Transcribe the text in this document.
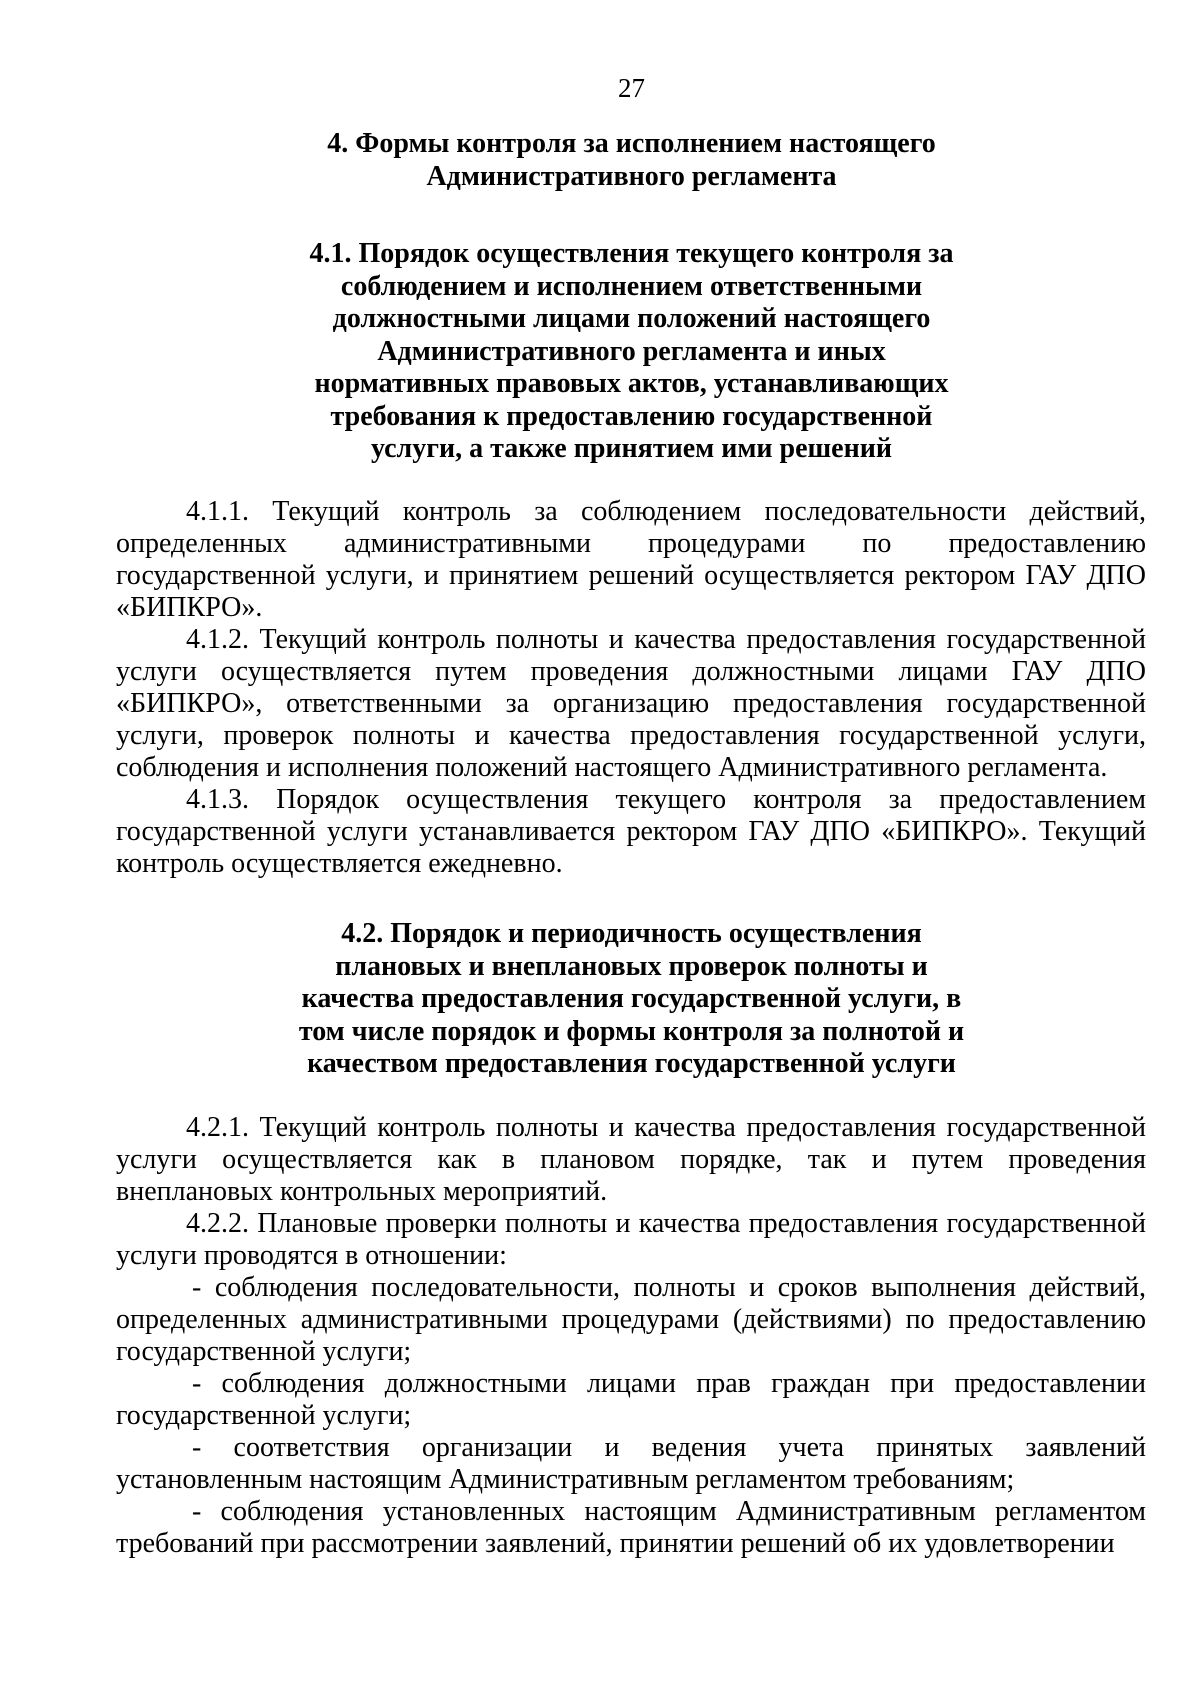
27
4. Формы контроля за исполнением настоящего
Административного регламента
4.1. Порядок осуществления текущего контроля за
соблюдением и исполнением ответственными
должностными лицами положений настоящего
Административного регламента и иных
нормативных правовых актов, устанавливающих
требования к предоставлению государственной
услуги, а также принятием ими решений

4.1.1. Текущий контроль за соблюдением последовательности действий, определенных административными процедурами по предоставлению государственной услуги, и принятием решений осуществляется ректором ГАУ ДПО «БИПКРО».

4.1.2. Текущий контроль полноты и качества предоставления государственной услуги осуществляется путем проведения должностными лицами ГАУ ДПО «БИПКРО», ответственными за организацию предоставления государственной услуги, проверок полноты и качества предоставления государственной услуги, соблюдения и исполнения положений настоящего Административного регламента.

4.1.3. Порядок осуществления текущего контроля за предоставлением государственной услуги устанавливается ректором ГАУ ДПО «БИПКРО». Текущий контроль осуществляется ежедневно.

4.2. Порядок и периодичность осуществления
плановых и внеплановых проверок полноты и
качества предоставления государственной услуги, в
том числе порядок и формы контроля за полнотой и
качеством предоставления государственной услуги

4.2.1. Текущий контроль полноты и качества предоставления государственной услуги осуществляется как в плановом порядке, так и путем проведения внеплановых контрольных мероприятий.

4.2.2. Плановые проверки полноты и качества предоставления государственной услуги проводятся в отношении:

- соблюдения последовательности, полноты и сроков выполнения действий, определенных административными процедурами (действиями) по предоставлению государственной услуги;

- соблюдения должностными лицами прав граждан при предоставлении государственной услуги;

- соответствия организации и ведения учета принятых заявлений установленным настоящим Административным регламентом требованиям;

- соблюдения установленных настоящим Административным регламентом требований при рассмотрении заявлений, принятии решений об их удовлетворении
